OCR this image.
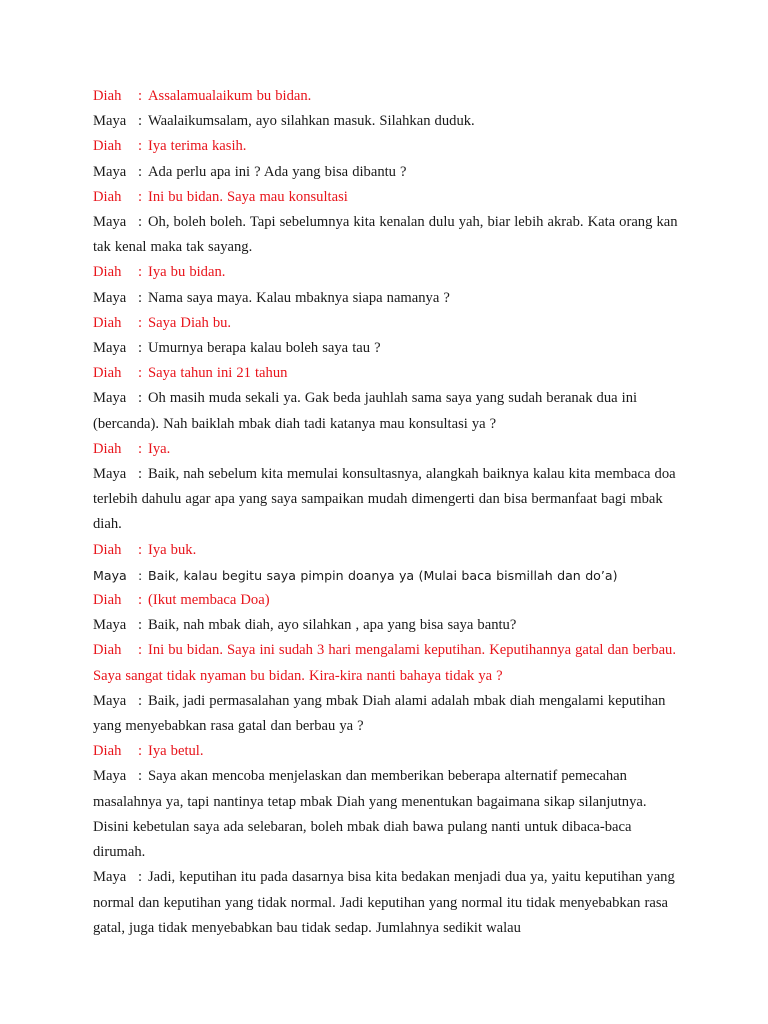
Diah : Assalamualaikum bu bidan.

Maya : Waalaikumsalam, ayo silahkan masuk. Silahkan duduk.

Diah : Iya terima kasih.

Maya : Ada perlu apa ini ? Ada yang bisa dibantu ?

Diah : Ini bu bidan. Saya mau konsultasi

Maya : Oh, boleh boleh. Tapi sebelumnya kita kenalan dulu yah, biar lebih akrab. Kata orang kan tak kenal maka tak sayang.

Diah : Iya bu bidan.

Maya : Nama saya maya. Kalau mbaknya siapa namanya ?

Diah : Saya Diah bu.

Maya : Umurnya berapa kalau boleh saya tau ?

Diah : Saya tahun ini 21 tahun

Maya : Oh masih muda sekali ya. Gak beda jauhlah sama saya yang sudah beranak dua ini (bercanda). Nah baiklah mbak diah tadi katanya mau konsultasi ya ?

Diah : Iya.

Maya : Baik, nah sebelum kita memulai konsultasnya, alangkah baiknya kalau kita membaca doa terlebih dahulu agar apa yang saya sampaikan mudah dimengerti dan bisa bermanfaat bagi mbak diah.

Diah : Iya buk.

Maya : Baik, kalau begitu saya pimpin doanya ya (Mulai baca bismillah dan do’a)

Diah : (Ikut membaca Doa)

Maya : Baik, nah mbak diah, ayo silahkan , apa yang bisa saya bantu?

Diah : Ini bu bidan. Saya ini sudah 3 hari mengalami keputihan. Keputihannya gatal dan berbau. Saya sangat tidak nyaman bu bidan. Kira-kira nanti bahaya tidak ya ?

Maya : Baik, jadi permasalahan yang mbak Diah alami adalah mbak diah mengalami keputihan yang menyebabkan rasa gatal dan berbau ya ?

Diah : Iya betul.

Maya : Saya akan mencoba menjelaskan dan memberikan beberapa alternatif pemecahan masalahnya ya, tapi nantinya tetap mbak Diah yang menentukan bagaimana sikap silanjutnya. Disini kebetulan saya ada selebaran, boleh mbak diah bawa pulang nanti untuk dibaca-baca dirumah.

Maya : Jadi, keputihan itu pada dasarnya bisa kita bedakan menjadi dua ya, yaitu keputihan yang normal dan keputihan yang tidak normal. Jadi keputihan yang normal itu tidak menyebabkan rasa gatal, juga tidak menyebabkan bau tidak sedap. Jumlahnya sedikit walau
